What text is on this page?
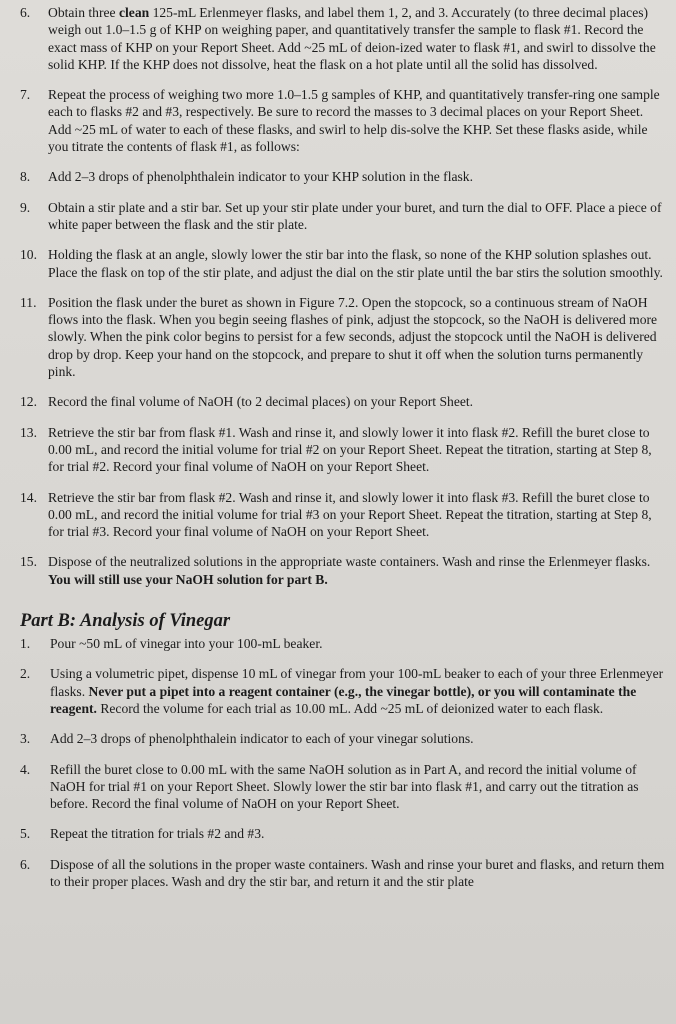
6.	Obtain three clean 125-mL Erlenmeyer flasks, and label them 1, 2, and 3. Accurately (to three decimal places) weigh out 1.0–1.5 g of KHP on weighing paper, and quantitatively transfer the sample to flask #1. Record the exact mass of KHP on your Report Sheet. Add ~25 mL of deion-ized water to flask #1, and swirl to dissolve the solid KHP. If the KHP does not dissolve, heat the flask on a hot plate until all the solid has dissolved.
7.	Repeat the process of weighing two more 1.0–1.5 g samples of KHP, and quantitatively transfer-ring one sample each to flasks #2 and #3, respectively. Be sure to record the masses to 3 decimal places on your Report Sheet. Add ~25 mL of water to each of these flasks, and swirl to help dis-solve the KHP. Set these flasks aside, while you titrate the contents of flask #1, as follows:
8.	Add 2–3 drops of phenolphthalein indicator to your KHP solution in the flask.
9.	Obtain a stir plate and a stir bar. Set up your stir plate under your buret, and turn the dial to OFF. Place a piece of white paper between the flask and the stir plate.
10. Holding the flask at an angle, slowly lower the stir bar into the flask, so none of the KHP solution splashes out. Place the flask on top of the stir plate, and adjust the dial on the stir plate until the bar stirs the solution smoothly.
11. Position the flask under the buret as shown in Figure 7.2. Open the stopcock, so a continuous stream of NaOH flows into the flask. When you begin seeing flashes of pink, adjust the stopcock, so the NaOH is delivered more slowly. When the pink color begins to persist for a few seconds, adjust the stopcock until the NaOH is delivered drop by drop. Keep your hand on the stopcock, and prepare to shut it off when the solution turns permanently pink.
12. Record the final volume of NaOH (to 2 decimal places) on your Report Sheet.
13. Retrieve the stir bar from flask #1. Wash and rinse it, and slowly lower it into flask #2. Refill the buret close to 0.00 mL, and record the initial volume for trial #2 on your Report Sheet. Repeat the titration, starting at Step 8, for trial #2. Record your final volume of NaOH on your Report Sheet.
14. Retrieve the stir bar from flask #2. Wash and rinse it, and slowly lower it into flask #3. Refill the buret close to 0.00 mL, and record the initial volume for trial #3 on your Report Sheet. Repeat the titration, starting at Step 8, for trial #3. Record your final volume of NaOH on your Report Sheet.
15. Dispose of the neutralized solutions in the appropriate waste containers. Wash and rinse the Erlenmeyer flasks. You will still use your NaOH solution for part B.
Part B: Analysis of Vinegar
1.	Pour ~50 mL of vinegar into your 100-mL beaker.
2.	Using a volumetric pipet, dispense 10 mL of vinegar from your 100-mL beaker to each of your three Erlenmeyer flasks. Never put a pipet into a reagent container (e.g., the vinegar bottle), or you will contaminate the reagent. Record the volume for each trial as 10.00 mL. Add ~25 mL of deionized water to each flask.
3.	Add 2–3 drops of phenolphthalein indicator to each of your vinegar solutions.
4.	Refill the buret close to 0.00 mL with the same NaOH solution as in Part A, and record the initial volume of NaOH for trial #1 on your Report Sheet. Slowly lower the stir bar into flask #1, and carry out the titration as before. Record the final volume of NaOH on your Report Sheet.
5.	Repeat the titration for trials #2 and #3.
6.	Dispose of all the solutions in the proper waste containers. Wash and rinse your buret and flasks, and return them to their proper places. Wash and dry the stir bar, and return it and the stir plate
